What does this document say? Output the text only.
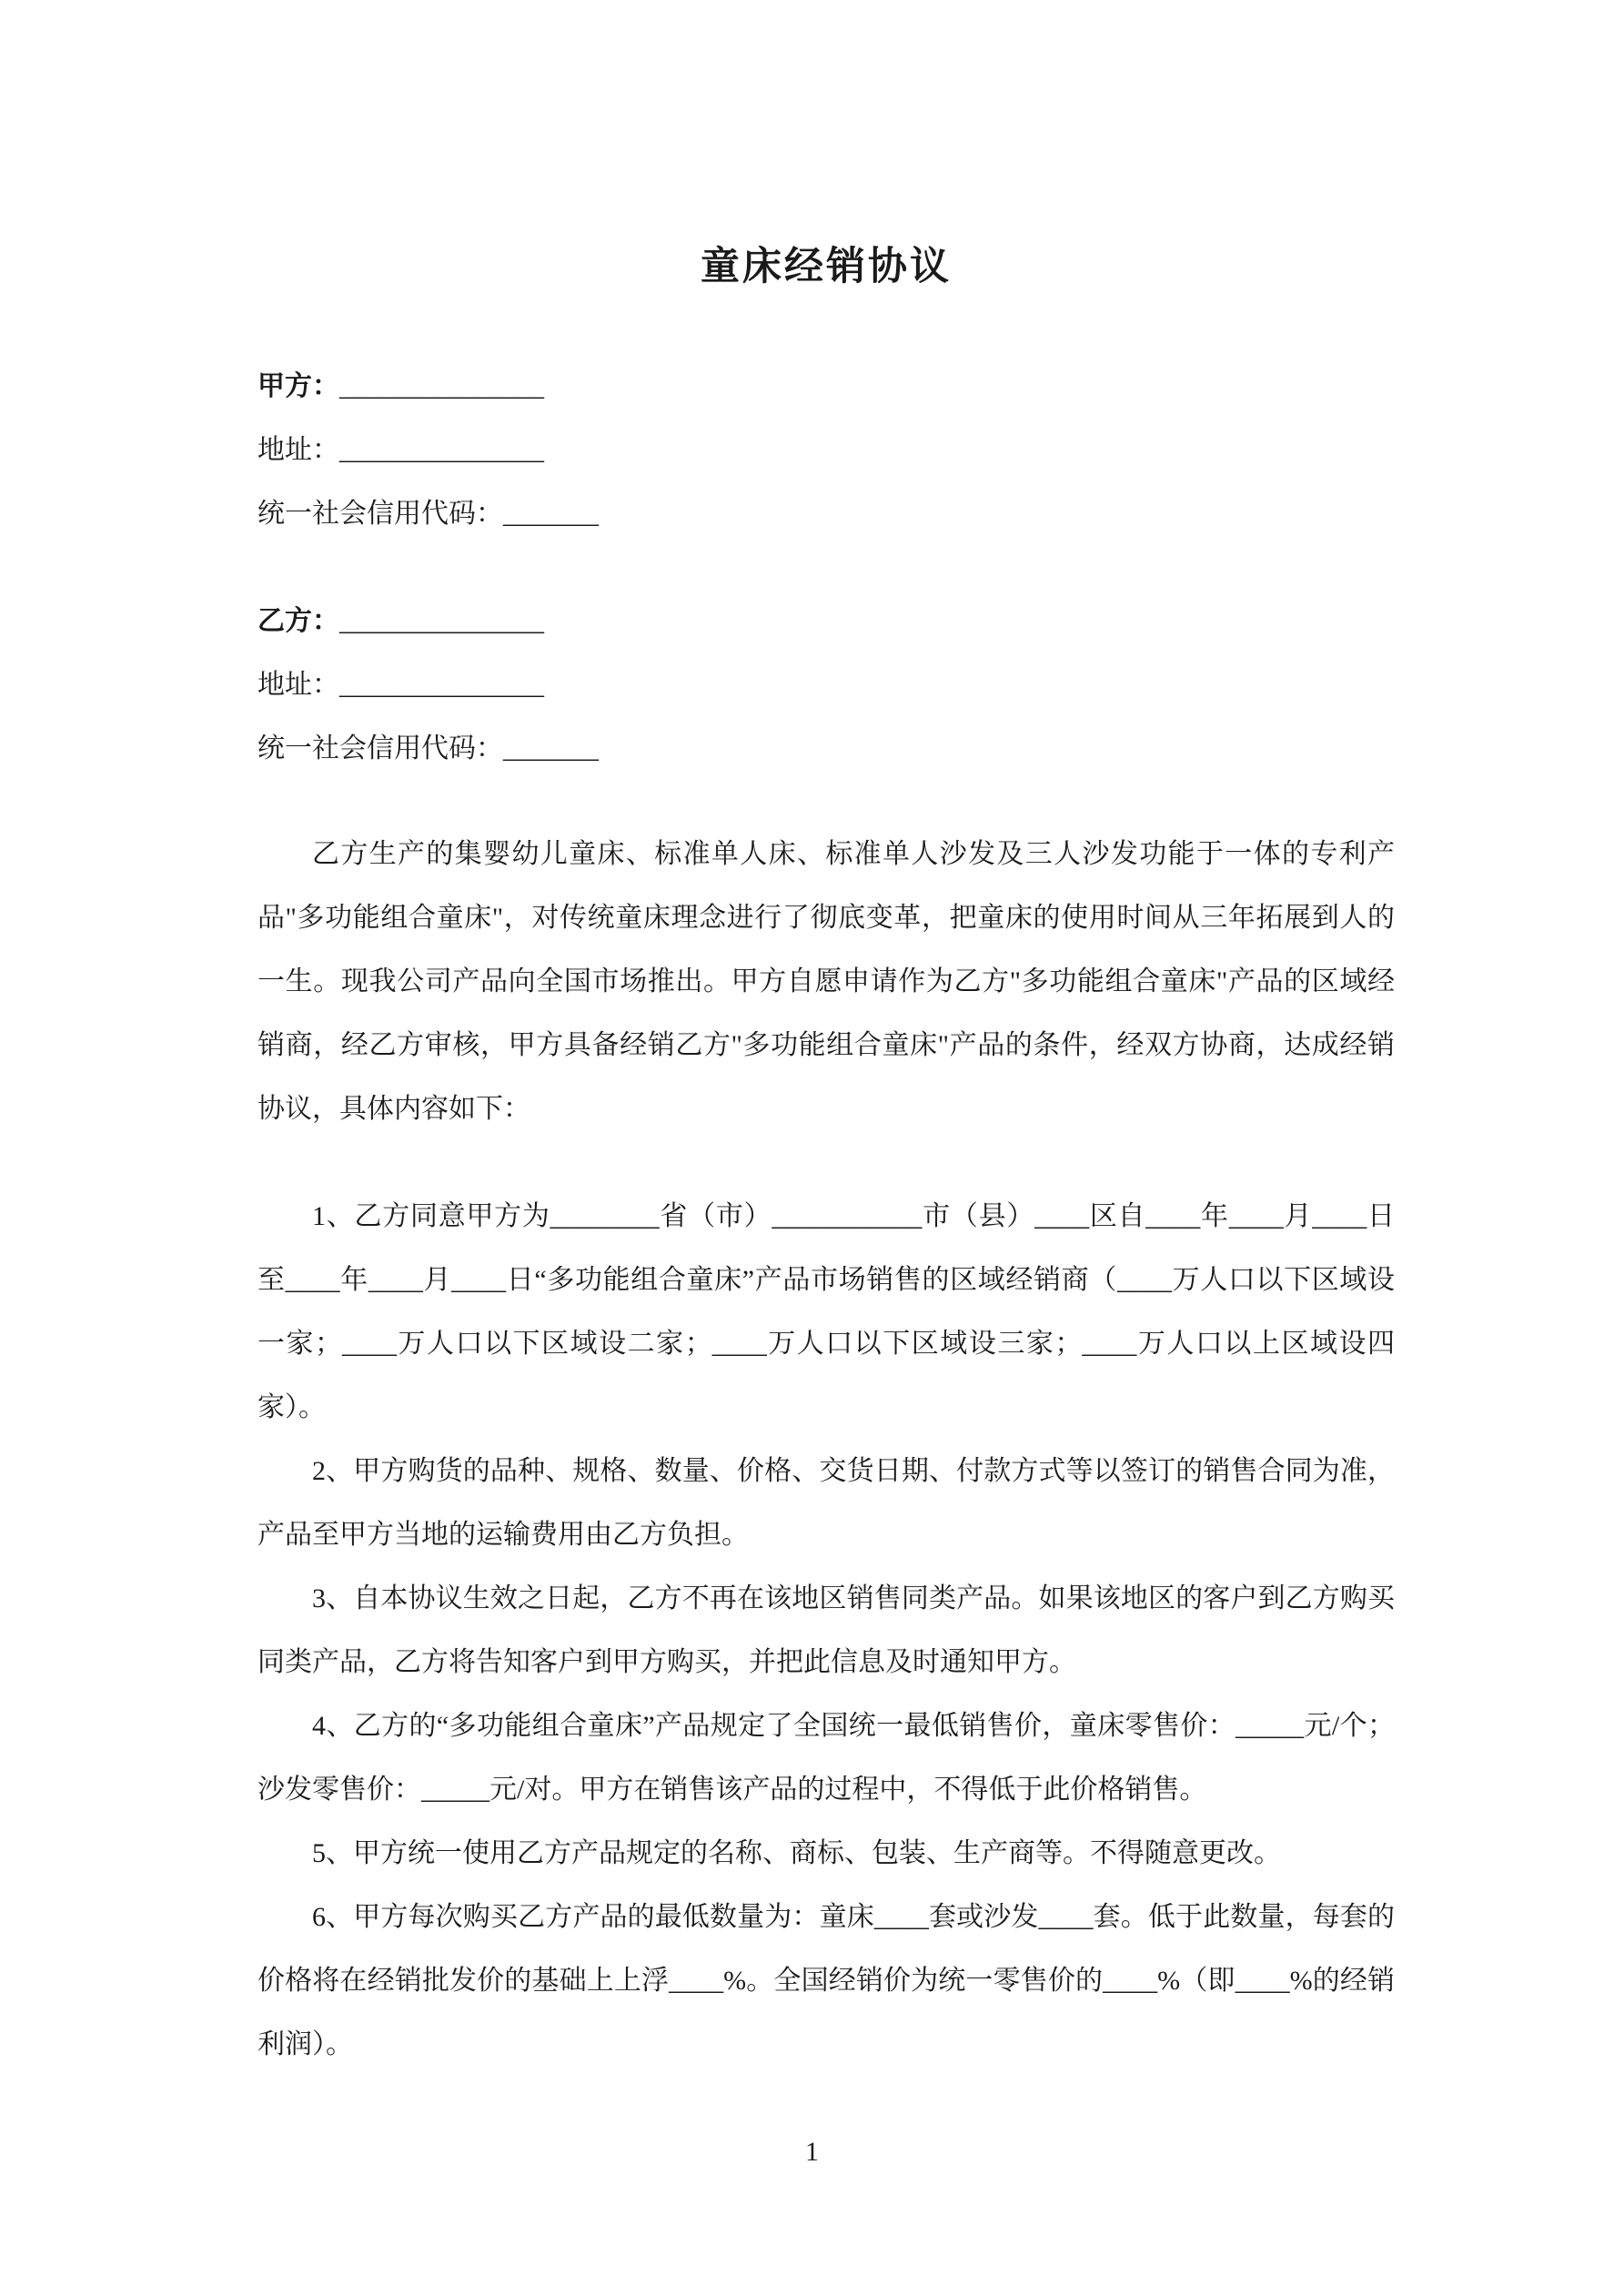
童床经销协议
甲方：_______________
地址：_______________
统一社会信用代码：_______
乙方：_______________
地址：_______________
统一社会信用代码：_______

乙方生产的集婴幼儿童床、标准单人床、标准单人沙发及三人沙发功能于一体的专利产品"多功能组合童床"，对传统童床理念进行了彻底变革，把童床的使用时间从三年拓展到人的一生。现我公司产品向全国市场推出。甲方自愿申请作为乙方"多功能组合童床"产品的区域经销商，经乙方审核，甲方具备经销乙方"多功能组合童床"产品的条件，经双方协商，达成经销协议，具体内容如下：

1、乙方同意甲方为________省（市）___________市（县）____区自____年____月____日至____年____月____日“多功能组合童床”产品市场销售的区域经销商（____万人口以下区域设一家；____万人口以下区域设二家；____万人口以下区域设三家；____万人口以上区域设四家）。

2、甲方购货的品种、规格、数量、价格、交货日期、付款方式等以签订的销售合同为准，产品至甲方当地的运输费用由乙方负担。

3、自本协议生效之日起，乙方不再在该地区销售同类产品。如果该地区的客户到乙方购买同类产品，乙方将告知客户到甲方购买，并把此信息及时通知甲方。

4、乙方的“多功能组合童床”产品规定了全国统一最低销售价，童床零售价：_____元/个；沙发零售价：_____元/对。甲方在销售该产品的过程中，不得低于此价格销售。

5、甲方统一使用乙方产品规定的名称、商标、包装、生产商等。不得随意更改。

6、甲方每次购买乙方产品的最低数量为：童床____套或沙发____套。低于此数量，每套的价格将在经销批发价的基础上上浮____%。全国经销价为统一零售价的____%（即____%的经销利润）。

1
